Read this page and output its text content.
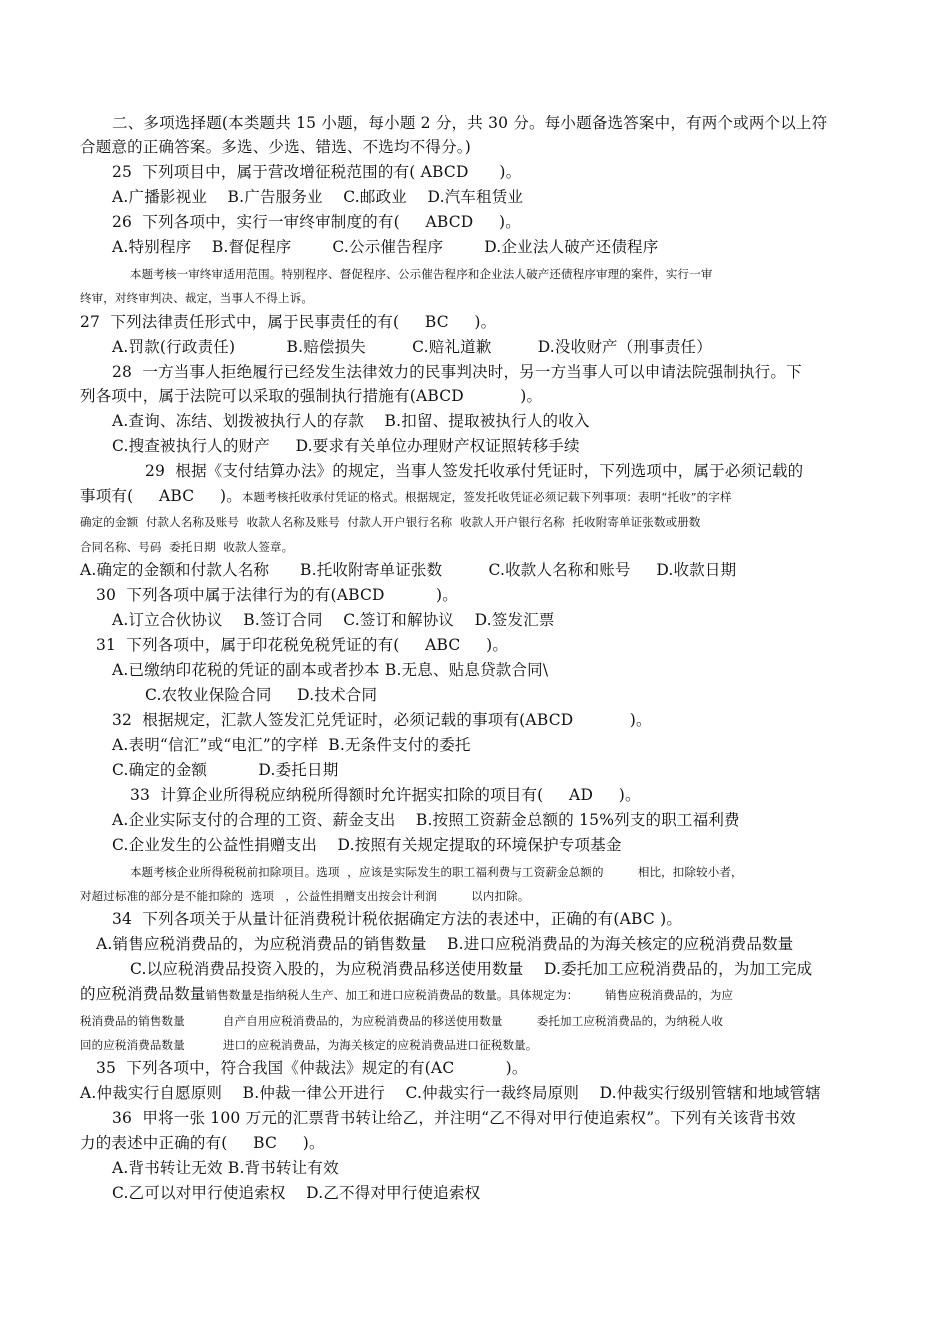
二、多项选择题(本类题共 15 小题，每小题 2 分，共 30 分。每小题备选答案中，有两个或两个以上符
合题意的正确答案。多选、少选、错选、不选均不得分。)
25  下列项目中，属于营改增征税范围的有( ABCD      )。
A.广播影视业    B.广告服务业    C.邮政业    D.汽车租赁业
26  下列各项中，实行一审终审制度的有(     ABCD     )。
A.特别程序    B.督促程序        C.公示催告程序        D.企业法人破产还债程序
本题考核一审终审适用范围。特别程序、督促程序、公示催告程序和企业法人破产还债程序审理的案件，实行一审
终审，对终审判决、裁定，当事人不得上诉。
27  下列法律责任形式中，属于民事责任的有(     BC     )。
A.罚款(行政责任)          B.赔偿损失         C.赔礼道歉         D.没收财产（刑事责任）
28  一方当事人拒绝履行已经发生法律效力的民事判决时，另一方当事人可以申请法院强制执行。下
列各项中，属于法院可以采取的强制执行措施有(ABCD           )。
A.查询、冻结、划拨被执行人的存款    B.扣留、提取被执行人的收入
C.搜查被执行人的财产     D.要求有关单位办理财产权证照转移手续
29  根据《支付结算办法》的规定，当事人签发托收承付凭证时，下列选项中，属于必须记载的
事项有(     ABC     )。本题考核托收承付凭证的格式。根据规定，签发托收凭证必须记载下列事项：表明“托收”的字样
确定的金额  付款人名称及账号  收款人名称及账号  付款人开户银行名称  收款人开户银行名称  托收附寄单证张数或册数
合同名称、号码  委托日期  收款人签章。
A.确定的金额和付款人名称      B.托收附寄单证张数         C.收款人名称和账号     D.收款日期
30  下列各项中属于法律行为的有(ABCD          )。
A.订立合伙协议    B.签订合同    C.签订和解协议    D.签发汇票
31  下列各项中，属于印花税免税凭证的有(     ABC     )。
A.已缴纳印花税的凭证的副本或者抄本 B.无息、贴息贷款合同\
C.农牧业保险合同     D.技术合同
32  根据规定，汇款人签发汇兑凭证时，必须记载的事项有(ABCD           )。
A.表明“信汇”或“电汇”的字样  B.无条件支付的委托
C.确定的金额          D.委托日期
33  计算企业所得税应纳税所得额时允许据实扣除的项目有(     AD     )。
A.企业实际支付的合理的工资、薪金支出    B.按照工资薪金总额的 15%列支的职工福利费
C.企业发生的公益性捐赠支出    D.按照有关规定提取的环境保护专项基金
本题考核企业所得税税前扣除项目。选项  ，应该是实际发生的职工福利费与工资薪金总额的         相比，扣除较小者，
对超过标准的部分是不能扣除的  选项   ，公益性捐赠支出按会计利润         以内扣除。
34  下列各项关于从量计征消费税计税依据确定方法的表述中，正确的有(ABC )。
A.销售应税消费品的，为应税消费品的销售数量    B.进口应税消费品的为海关核定的应税消费品数量
C.以应税消费品投资入股的，为应税消费品移送使用数量    D.委托加工应税消费品的，为加工完成
的应税消费品数量销售数量是指纳税人生产、加工和进口应税消费品的数量。具体规定为：       销售应税消费品的，为应
税消费品的销售数量          自产自用应税消费品的，为应税消费品的移送使用数量         委托加工应税消费品的，为纳税人收
回的应税消费品数量          进口的应税消费品，为海关核定的应税消费品进口征税数量。
35  下列各项中，符合我国《仲裁法》规定的有(AC          )。
A.仲裁实行自愿原则    B.仲裁一律公开进行    C.仲裁实行一裁终局原则    D.仲裁实行级别管辖和地域管辖
36  甲将一张 100 万元的汇票背书转让给乙，并注明“乙不得对甲行使追索权”。下列有关该背书效
力的表述中正确的有(     BC     )。
A.背书转让无效 B.背书转让有效
C.乙可以对甲行使追索权    D.乙不得对甲行使追索权
